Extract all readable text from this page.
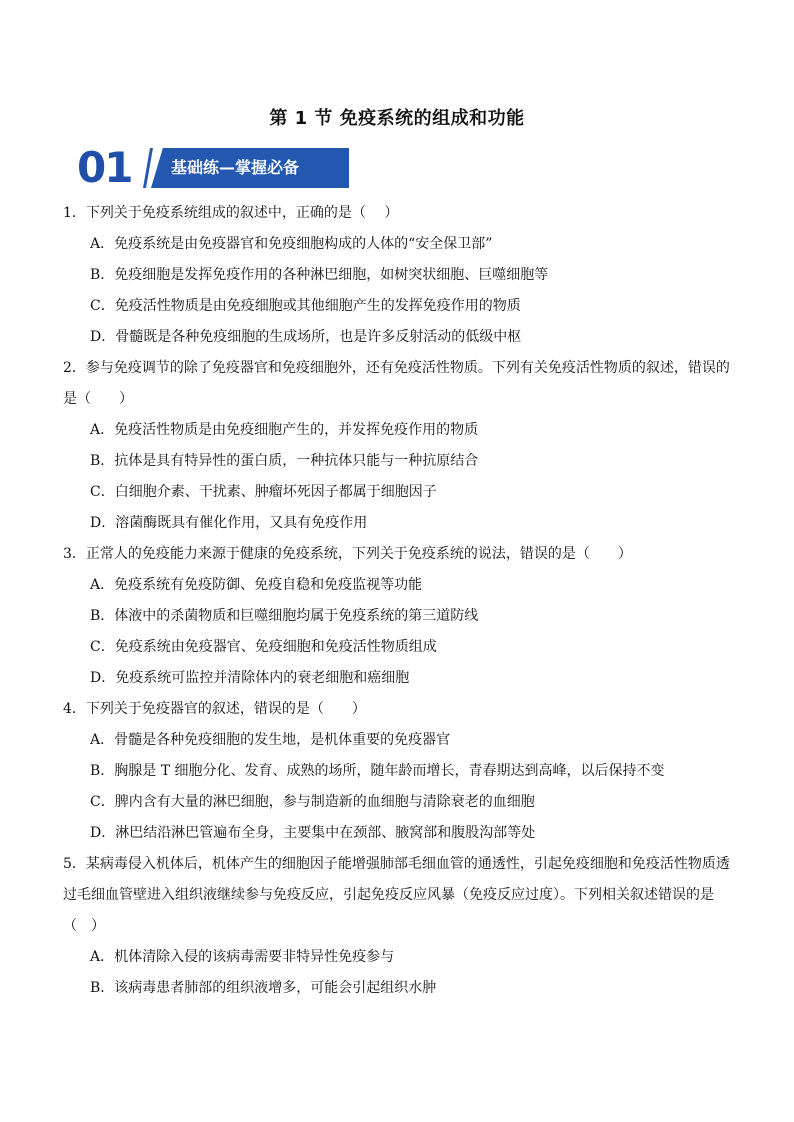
第 1 节 免疫系统的组成和功能
01	基础练—掌握必备

1．下列关于免疫系统组成的叙述中，正确的是（　 ）

A．免疫系统是由免疫器官和免疫细胞构成的人体的“安全保卫部”

B．免疫细胞是发挥免疫作用的各种淋巴细胞，如树突状细胞、巨噬细胞等

C．免疫活性物质是由免疫细胞或其他细胞产生的发挥免疫作用的物质

D．骨髓既是各种免疫细胞的生成场所，也是许多反射活动的低级中枢

2．参与免疫调节的除了免疫器官和免疫细胞外，还有免疫活性物质。下列有关免疫活性物质的叙述，错误的是（　　）

A．免疫活性物质是由免疫细胞产生的，并发挥免疫作用的物质

B．抗体是具有特异性的蛋白质，一种抗体只能与一种抗原结合

C．白细胞介素、干扰素、肿瘤坏死因子都属于细胞因子

D．溶菌酶既具有催化作用，又具有免疫作用

3．正常人的免疫能力来源于健康的免疫系统，下列关于免疫系统的说法，错误的是（　　）

A．免疫系统有免疫防御、免疫自稳和免疫监视等功能

B．体液中的杀菌物质和巨噬细胞均属于免疫系统的第三道防线

C．免疫系统由免疫器官、免疫细胞和免疫活性物质组成

D．免疫系统可监控并清除体内的衰老细胞和癌细胞

4．下列关于免疫器官的叙述，错误的是（　　）

A．骨髓是各种免疫细胞的发生地，是机体重要的免疫器官

B．胸腺是 T 细胞分化、发育、成熟的场所，随年龄而增长，青春期达到高峰，以后保持不变

C．脾内含有大量的淋巴细胞，参与制造新的血细胞与清除衰老的血细胞

D．淋巴结沿淋巴管遍布全身，主要集中在颈部、腋窝部和腹股沟部等处

5．某病毒侵入机体后，机体产生的细胞因子能增强肺部毛细血管的通透性，引起免疫细胞和免疫活性物质透过毛细血管壁进入组织液继续参与免疫反应，引起免疫反应风暴（免疫反应过度）。下列相关叙述错误的是（　）

A．机体清除入侵的该病毒需要非特异性免疫参与

B．该病毒患者肺部的组织液增多，可能会引起组织水肿
